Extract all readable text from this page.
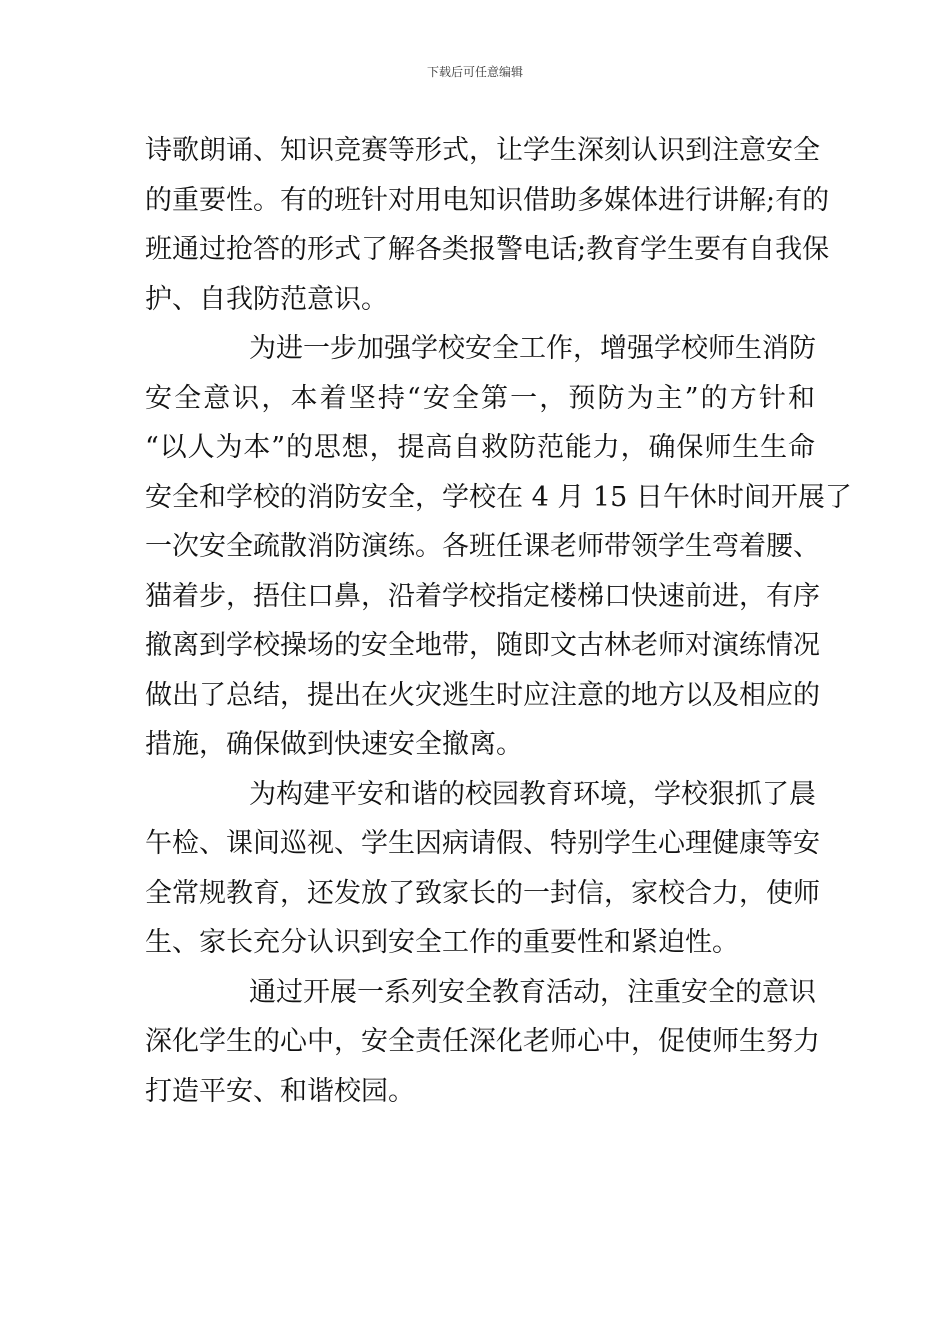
下载后可任意编辑
诗歌朗诵、知识竞赛等形式，让学生深刻认识到注意安全
的重要性。有的班针对用电知识借助多媒体进行讲解;有的
班通过抢答的形式了解各类报警电话;教育学生要有自我保
护、自我防范意识。
为进一步加强学校安全工作，增强学校师生消防
安全意识，本着坚持“安全第一，预防为主”的方针和
“以人为本”的思想，提高自救防范能力，确保师生生命
安全和学校的消防安全，学校在 4 月 15 日午休时间开展了
一次安全疏散消防演练。各班任课老师带领学生弯着腰、
猫着步，捂住口鼻，沿着学校指定楼梯口快速前进，有序
撤离到学校操场的安全地带，随即文古林老师对演练情况
做出了总结，提出在火灾逃生时应注意的地方以及相应的
措施，确保做到快速安全撤离。
为构建平安和谐的校园教育环境，学校狠抓了晨
午检、课间巡视、学生因病请假、特别学生心理健康等安
全常规教育，还发放了致家长的一封信，家校合力，使师
生、家长充分认识到安全工作的重要性和紧迫性。
通过开展一系列安全教育活动，注重安全的意识
深化学生的心中，安全责任深化老师心中，促使师生努力
打造平安、和谐校园。
